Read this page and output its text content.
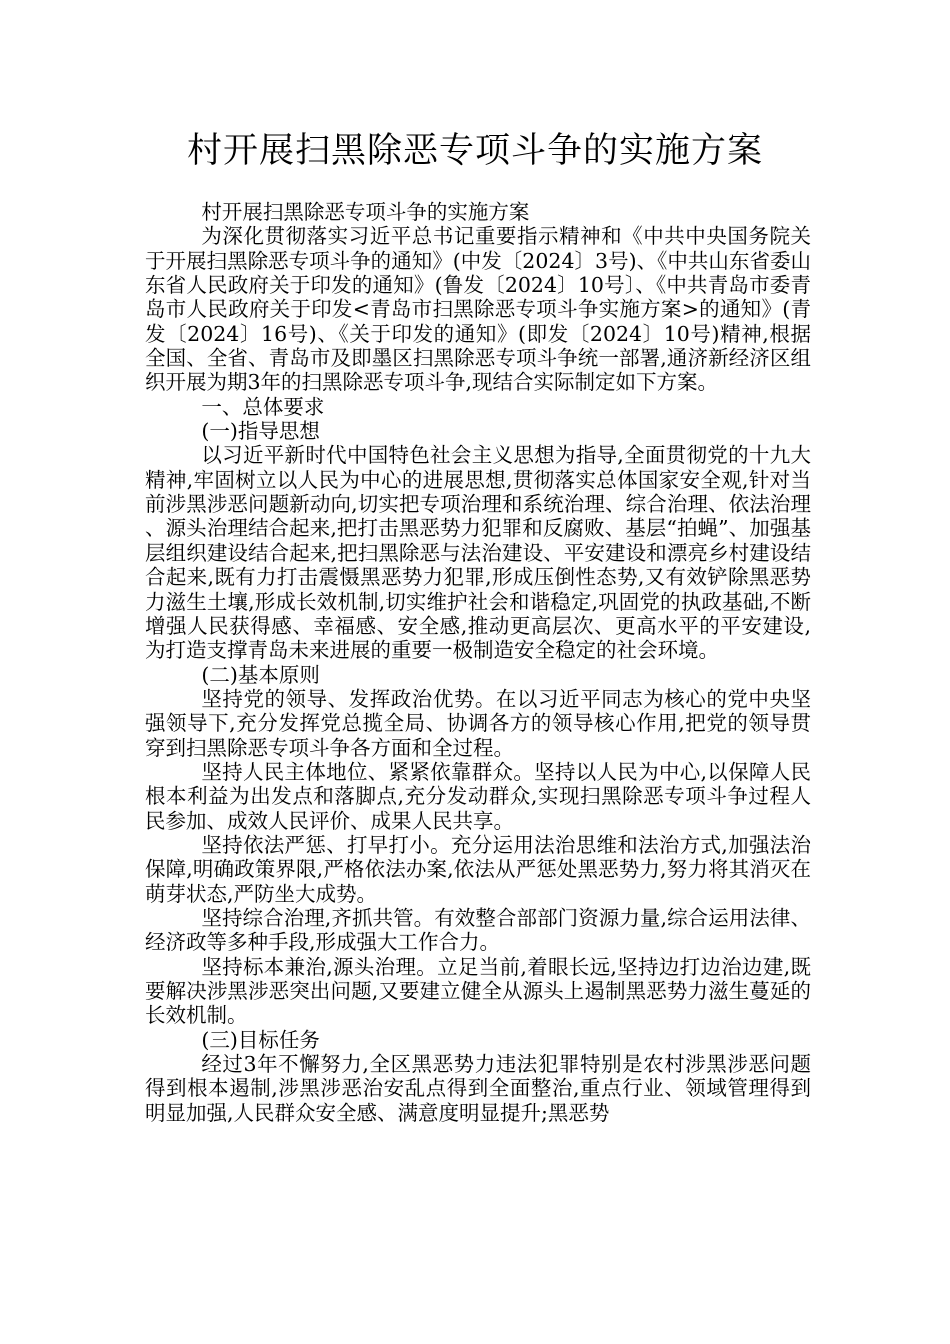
村开展扫黑除恶专项斗争的实施方案

村开展扫黑除恶专项斗争的实施方案

为深化贯彻落实习近平总书记重要指示精神和《中共中央国务院关于开展扫黑除恶专项斗争的通知》(中发〔2024〕3号)、《中共山东省委山东省人民政府关于印发的通知》(鲁发〔2024〕10号〕、《中共青岛市委青岛市人民政府关于印发<青岛市扫黑除恶专项斗争实施方案>的通知》(青发〔2024〕16号)、《关于印发的通知》(即发〔2024〕10号)精神,根据全国、全省、青岛市及即墨区扫黑除恶专项斗争统一部署,通济新经济区组织开展为期3年的扫黑除恶专项斗争,现结合实际制定如下方案。

一、总体要求

(一)指导思想

以习近平新时代中国特色社会主义思想为指导,全面贯彻党的十九大精神,牢固树立以人民为中心的进展思想,贯彻落实总体国家安全观,针对当前涉黑涉恶问题新动向,切实把专项治理和系统治理、综合治理、依法治理、源头治理结合起来,把打击黑恶势力犯罪和反腐败、基层“拍蝇”、加强基层组织建设结合起来,把扫黑除恶与法治建设、平安建设和漂亮乡村建设结合起来,既有力打击震慑黑恶势力犯罪,形成压倒性态势,又有效铲除黑恶势力滋生土壤,形成长效机制,切实维护社会和谐稳定,巩固党的执政基础,不断增强人民获得感、幸福感、安全感,推动更高层次、更高水平的平安建设,为打造支撑青岛未来进展的重要一极制造安全稳定的社会环境。

(二)基本原则

坚持党的领导、发挥政治优势。在以习近平同志为核心的党中央坚强领导下,充分发挥党总揽全局、协调各方的领导核心作用,把党的领导贯穿到扫黑除恶专项斗争各方面和全过程。

坚持人民主体地位、紧紧依靠群众。坚持以人民为中心,以保障人民根本利益为出发点和落脚点,充分发动群众,实现扫黑除恶专项斗争过程人民参加、成效人民评价、成果人民共享。

坚持依法严惩、打早打小。充分运用法治思维和法治方式,加强法治保障,明确政策界限,严格依法办案,依法从严惩处黑恶势力,努力将其消灭在萌芽状态,严防坐大成势。

坚持综合治理,齐抓共管。有效整合部部门资源力量,综合运用法律、经济政等多种手段,形成强大工作合力。

坚持标本兼治,源头治理。立足当前,着眼长远,坚持边打边治边建,既要解决涉黑涉恶突出问题,又要建立健全从源头上遏制黑恶势力滋生蔓延的长效机制。

(三)目标任务

经过3年不懈努力,全区黑恶势力违法犯罪特别是农村涉黑涉恶问题得到根本遏制,涉黑涉恶治安乱点得到全面整治,重点行业、领域管理得到明显加强,人民群众安全感、满意度明显提升;黑恶势
